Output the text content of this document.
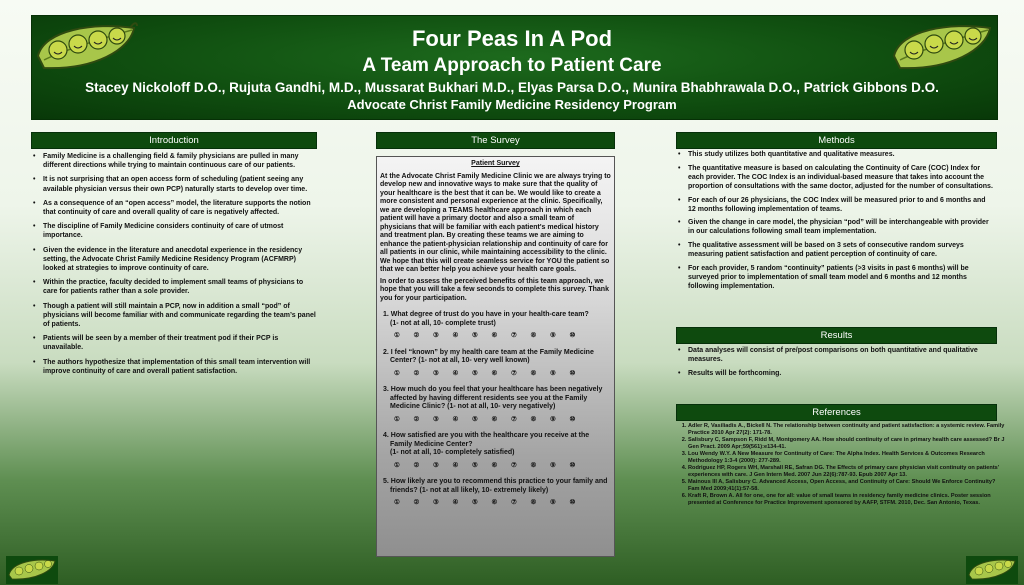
Four Peas In A Pod
A Team Approach to Patient Care
Stacey Nickoloff D.O., Rujuta Gandhi, M.D., Mussarat Bukhari M.D., Elyas Parsa D.O., Munira Bhabhrawala D.O., Patrick Gibbons D.O.
Advocate Christ Family Medicine Residency Program
Introduction
• Family Medicine is a challenging field & family physicians are pulled in many different directions while trying to maintain continuous care of our patients.
• It is not surprising that an open access form of scheduling (patient seeing any available physician versus their own PCP) naturally starts to develop over time.
• As a consequence of an “open access” model, the literature supports the notion that continuity of care and overall quality of care is negatively affected.
• The discipline of Family Medicine considers continuity of care of utmost importance.
• Given the evidence in the literature and anecdotal experience in the residency setting, the Advocate Christ Family Medicine Residency Program (ACFMRP) looked at strategies to improve continuity of care.
• Within the practice, faculty decided to implement small teams of physicians to care for patients rather than a sole provider.
• Though a patient will still maintain a PCP, now in addition a small “pod” of physicians will become familiar with and communicate regarding the team’s panel of patients.
• Patients will be seen by a member of their treatment pod if their PCP is unavailable.
• The authors hypothesize that implementation of this small team intervention will improve continuity of care and overall patient satisfaction.
The Survey
Patient Survey

At the Advocate Christ Family Medicine Clinic we are always trying to develop new and innovative ways to make sure that the quality of your healthcare is the best that it can be. We would like to create a more consistent and personal experience at the clinic. Specifically, we are developing a TEAMS healthcare approach in which each patient will have a primary doctor and also a small team of physicians that will be familiar with each patient's medical history and treatment plan. By creating these teams we are aiming to enhance the patient-physician relationship and continuity of care for all patients in our clinic, while maintaining accessibility to the clinic. We hope that this will create seamless service for YOU the patient so that we can better help you achieve your health care goals.

In order to assess the perceived benefits of this team approach, we hope that you will take a few seconds to complete this survey. Thank you for your participation.

1. What degree of trust do you have in your health-care team?
(1- not at all, 10- complete trust)
①	②	③	④	⑤	⑥	⑦	⑧	⑨	⑩
2. I feel “known” by my health care team at the Family Medicine Center? (1- not at all, 10- very well known)
①	②	③	④	⑤	⑥	⑦	⑧	⑨	⑩
3. How much do you feel that your healthcare has been negatively affected by having different residents see you at the Family Medicine Clinic? (1- not at all, 10- very negatively)
①	②	③	④	⑤	⑥	⑦	⑧	⑨	⑩
4. How satisfied are you with the healthcare you receive at the Family Medicine Center?
(1- not at all, 10- completely satisfied)
①	②	③	④	⑤	⑥	⑦	⑧	⑨	⑩
5. How likely are you to recommend this practice to your family and friends? (1- not at all likely, 10- extremely likely)
①	②	③	④	⑤	⑥	⑦	⑧	⑨	⑩
Methods
• This study utilizes both quantitative and qualitative measures.
• The quantitative measure is based on calculating the Continuity of Care (COC) Index for each provider. The COC Index is an individual-based measure that takes into account the proportion of consultations with the same doctor, adjusted for the number of consultations.
• For each of our 26 physicians, the COC Index will be measured prior to and 6 months and 12 months following implementation of teams.
• Given the change in care model, the physician “pod” will be interchangeable with provider in our calculations following small team implementation.
• The qualitative assessment will be based on 3 sets of consecutive random surveys measuring patient satisfaction and patient perception of continuity of care.
• For each provider, 5 random “continuity” patients (>3 visits in past 6 months) will be surveyed prior to implementation of small team model and 6 months and 12 months following implementation.
Results
• Data analyses will consist of pre/post comparisons on both quantitative and qualitative measures.
• Results will be forthcoming.
References
1. Adler R, Vasiliadis A., Bickell N. The relationship between continuity and patient satisfaction: a systemic review. Family Practice 2010 Apr 27(2): 171-78.
2. Salisbury C, Sampson F, Ridd M, Montgomery AA. How should continuity of care in primary health care assessed? Br J Gen Pract. 2009 Apr;59(561):e134-41.
3. Lou Wendy W.Y. A New Measure for Continuity of Care: The Alpha Index. Health Services & Outcomes Research Methodology 1:3-4 (2000): 277-289.
4. Rodriguez HP, Rogers WH, Marshall RE, Safran DG. The Effects of primary care physician visit continuity on patients’ experiences with care. J Gen Intern Med. 2007 Jun 22(6):787-93. Epub 2007 Apr 13.
5. Mainous III A, Salisbury C. Advanced Access, Open Access, and Continuity of Care: Should We Enforce Continuity? Fam Med 2009;41(1):57-58.
6. Kraft R, Brown A. All for one, one for all: value of small teams in residency family medicine clinics. Poster session presented at Conference for Practice Improvement sponsored by AAFP, STFM. 2010, Dec. San Antonio, Texas.
